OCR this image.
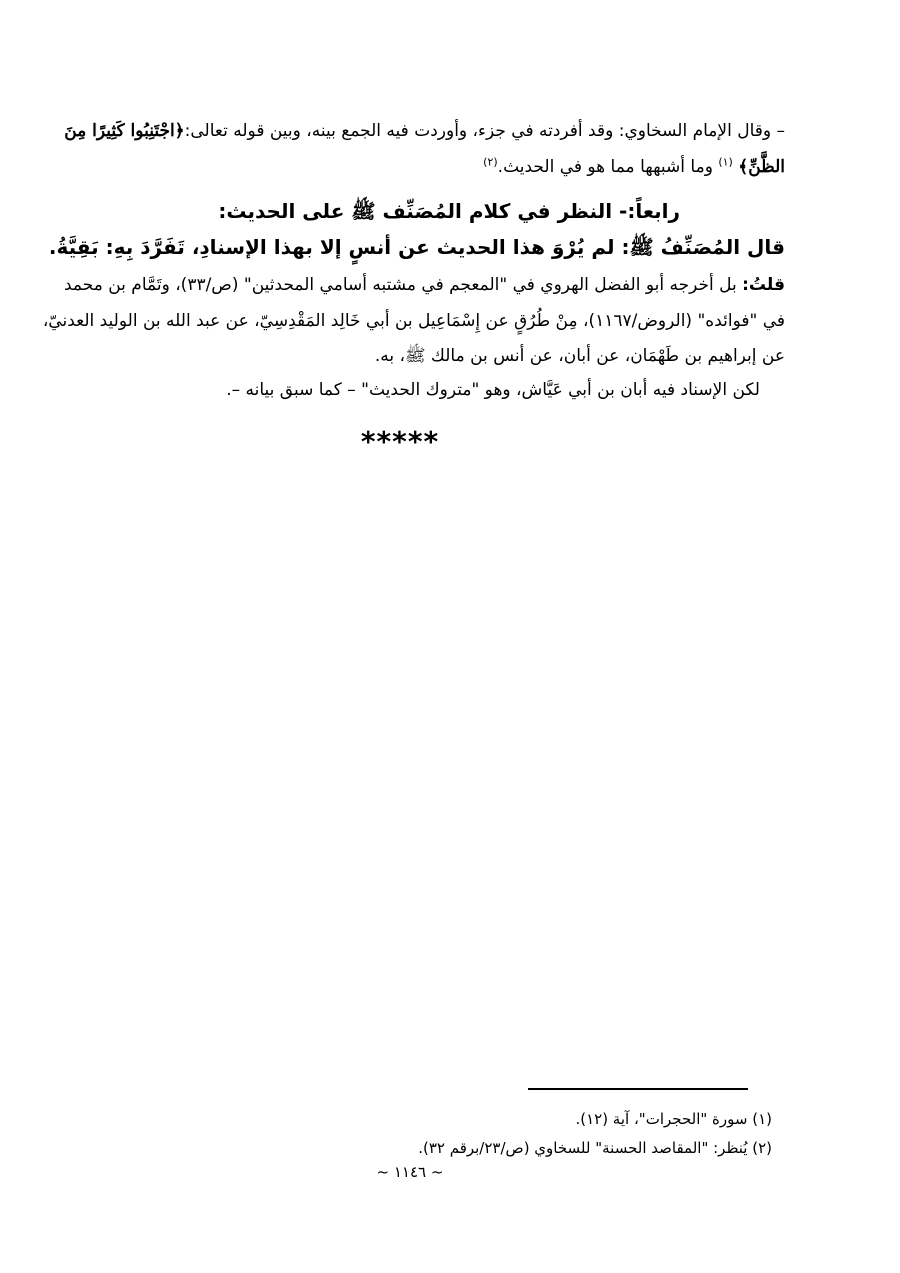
– وقال الإمام السخاوي: وقد أفردته في جزء، وأوردت فيه الجمع بينه، وبين قوله تعالى:﴿اجْتَنِبُوا كَثِيرًا مِنَ
الظَّنِّ﴾ $^{(١)}$ وما أشبهها مما هو في الحديث.$^{(٢)}$
رابعاً:- النظر في كلام المُصَنِّف ﷺ على الحديث:
قال المُصَنِّفُ ﷺ: لم يُرْوَ هذا الحديث عن أنسٍ إلا بهذا الإسنادِ، تَفَرَّدَ بِهِ: بَقِيَّةُ.
قلتُ: بل أخرجه أبو الفضل الهروي في "المعجم في مشتبه أسامي المحدثين" (ص/٣٣)، وتَمَّام بن محمد
في "فوائده" (الروض/١١٦٧)، مِنْ طُرُقٍ عن إِسْمَاعِيل بن أبي خَالِد المَقْدِسِيّ، عن عبد الله بن الوليد العدنيّ،
عن إبراهيم بن طَهْمَان، عن أبان، عن أنس بن مالك ﷺ، به.
لكن الإسناد فيه أبان بن أبي عَيَّاش، وهو "متروك الحديث" – كما سبق بيانه –.
*****
(١) سورة "الحجرات"، آية (١٢).
(٢) يُنظر: "المقاصد الحسنة" للسخاوي (ص/٢٣/برقم ٣٢).
~ ١١٤٦ ~
